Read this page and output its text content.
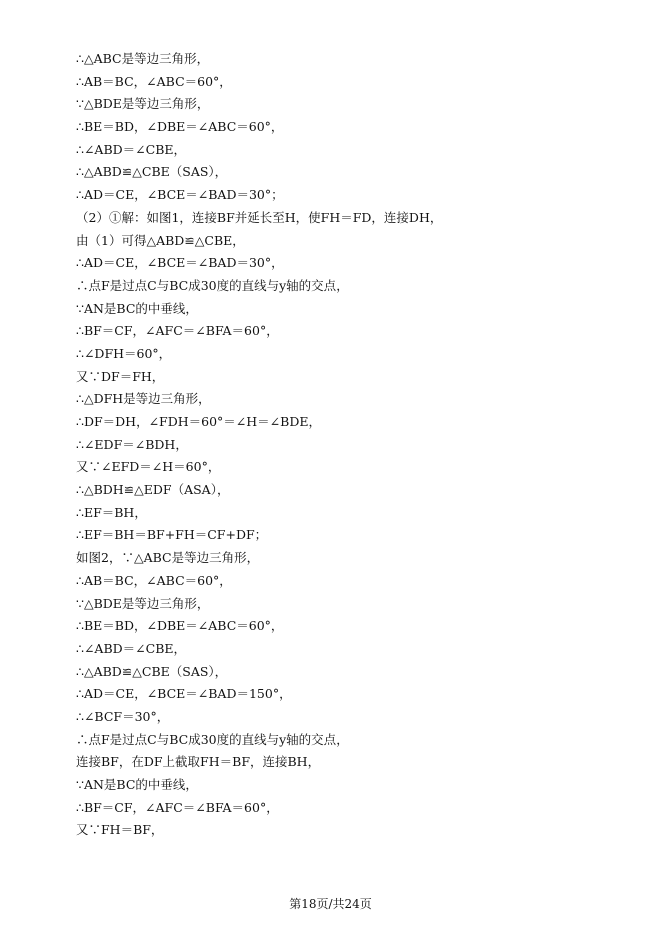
∴△ABC是等边三角形，
∴AB＝BC，∠ABC＝60°，
∵△BDE是等边三角形，
∴BE＝BD，∠DBE＝∠ABC＝60°，
∴∠ABD＝∠CBE，
∴△ABD≌△CBE（SAS），
∴AD＝CE，∠BCE＝∠BAD＝30°；
（2）①解：如图1，连接BF并延长至H，使FH＝FD，连接DH，
由（1）可得△ABD≌△CBE，
∴AD＝CE，∠BCE＝∠BAD＝30°，
∴点F是过点C与BC成30度的直线与y轴的交点，
∵AN是BC的中垂线，
∴BF＝CF，∠AFC＝∠BFA＝60°，
∴∠DFH＝60°，
又∵DF＝FH，
∴△DFH是等边三角形，
∴DF＝DH，∠FDH＝60°＝∠H＝∠BDE，
∴∠EDF＝∠BDH，
又∵∠EFD＝∠H＝60°，
∴△BDH≌△EDF（ASA），
∴EF＝BH，
∴EF＝BH＝BF+FH＝CF+DF；
如图2，∵△ABC是等边三角形，
∴AB＝BC，∠ABC＝60°，
∵△BDE是等边三角形，
∴BE＝BD，∠DBE＝∠ABC＝60°，
∴∠ABD＝∠CBE，
∴△ABD≌△CBE（SAS），
∴AD＝CE，∠BCE＝∠BAD＝150°，
∴∠BCF＝30°，
∴点F是过点C与BC成30度的直线与y轴的交点，
连接BF，在DF上截取FH＝BF，连接BH，
∵AN是BC的中垂线，
∴BF＝CF，∠AFC＝∠BFA＝60°，
又∵FH＝BF，
第18页/共24页
